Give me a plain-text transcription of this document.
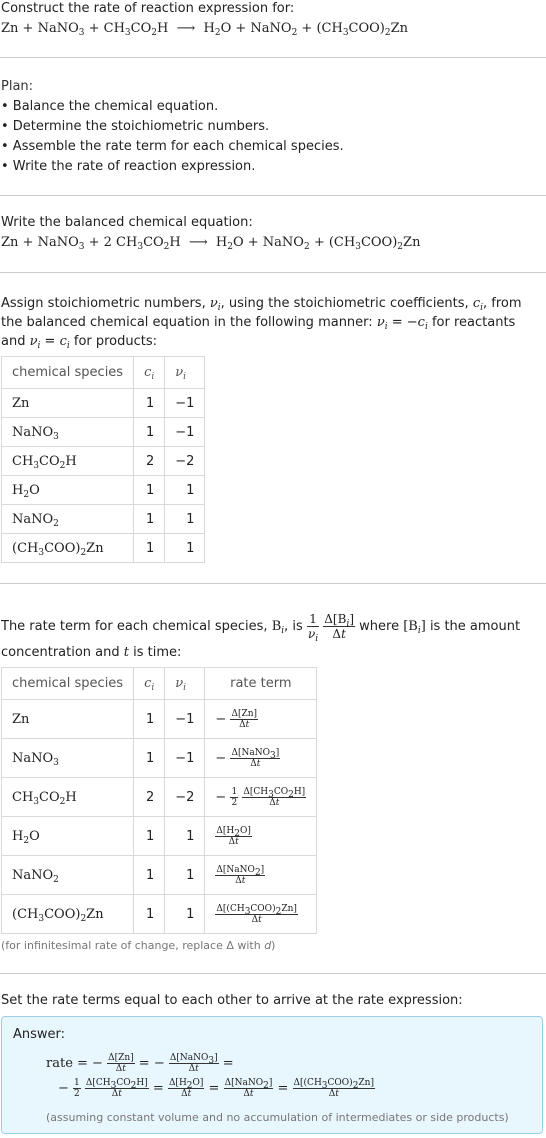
Construct the rate of reaction expression for:
Zn + NaNO$_3$ + $CH_3CO_2H$  ⟶  $H_2O$ + NaNO$_2$ + $(CH_3COO)_2Zn$
Plan:
• Balance the chemical equation.
• Determine the stoichiometric numbers.
• Assemble the rate term for each chemical species.
• Write the rate of reaction expression.
Write the balanced chemical equation:
Zn + NaNO$_3$ + 2 $CH_3CO_2H$  ⟶  $H_2O$ + NaNO$_2$ + $(CH_3COO)_2Zn$
Assign stoichiometric numbers, $\nu_i$, using the stoichiometric coefficients, $c_i$, from
the balanced chemical equation in the following manner: $\nu_i = -c_i$ for reactants
and $\nu_i = c_i$ for products:
chemical species	$c_i$	$\nu_i$
Zn	1	−1
NaNO$_3$	1	−1
$CH_3CO_2H$	2	−2
$H_2O$	1	1
NaNO$_2$	1	1
$(CH_3COO)_2Zn$	1	1
The rate term for each chemical species, $B_i$, is $\frac{1}{\nu_i}$
$\frac{\Delta[B_i]}{\Delta t}$ where $[B_i]$ is the amount
concentration and t is time:
chemical species	$c_i$	$\nu_i$	rate term
Zn	1	−1	− $\frac{\Delta[Zn]}{\Delta t}$

NaNO$_3$	1	−1	− $\frac{\Delta[NaNO_3]}{\Delta t}$

$CH_3CO_2H$	2	−2	− $\frac{1}{2}$
$\frac{\Delta[CH_3CO_2H]}{\Delta t}$

$H_2O$	1	1	$\frac{\Delta[H_2O]}{\Delta t}$

NaNO$_2$	1	1	$\frac{\Delta[NaNO_2]}{\Delta t}$

$(CH_3COO)_2Zn$	1	1	$\frac{\Delta[(CH_3COO)_2Zn]}{\Delta t}$
(for infinitesimal rate of change, replace Δ with d)
Set the rate terms equal to each other to arrive at the rate expression:
Answer:
rate = − $\frac{\Delta[Zn]}{\Delta t}$ = − $\frac{\Delta[NaNO_3]}{\Delta t}$ =
− $\frac{1}{2}$
$\frac{\Delta[CH_3CO_2H]}{\Delta t} = \frac{\Delta[H_2O]}{\Delta t} = \frac{\Delta[NaNO_2]}{\Delta t} = \frac{\Delta[(CH_3COO)_2Zn]}{\Delta t}$
(assuming constant volume and no accumulation of intermediates or side products)
